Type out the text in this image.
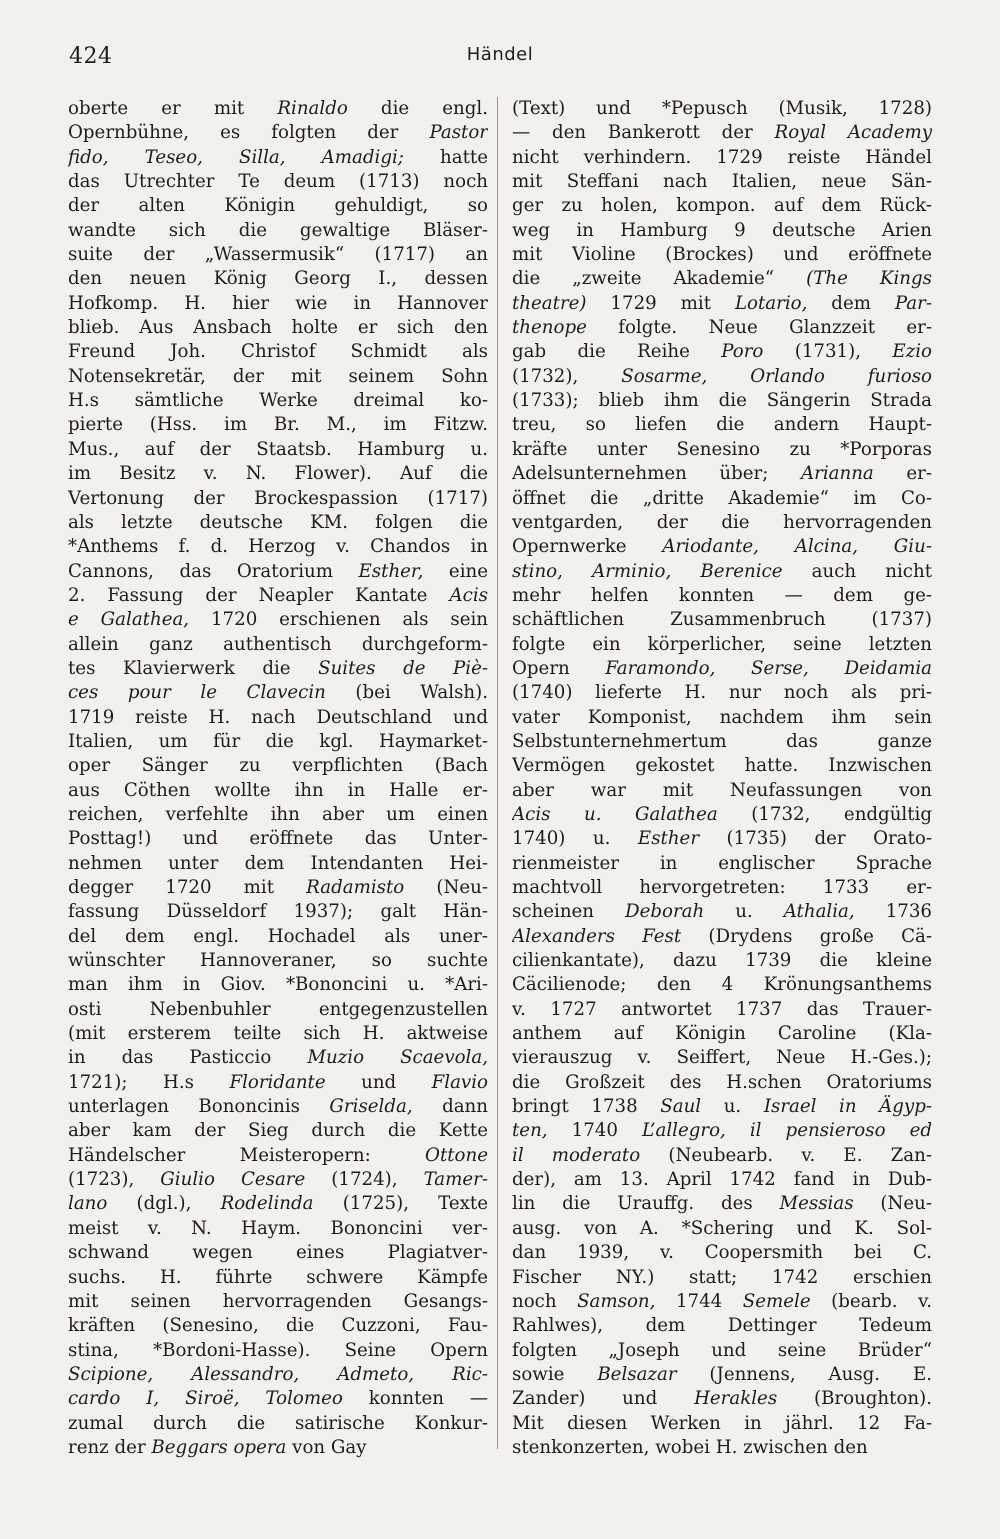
424	Händel
oberte er mit Rinaldo die engl.
Opernbühne, es folgten der Pastor
fido, Teseo, Silla, Amadigi; hatte
das Utrechter Te deum (1713) noch
der alten Königin gehuldigt, so
wandte sich die gewaltige Bläser-
suite der „Wassermusik“ (1717) an
den neuen König Georg I., dessen
Hofkomp. H. hier wie in Hannover
blieb. Aus Ansbach holte er sich den
Freund Joh. Christof Schmidt als
Notensekretär, der mit seinem Sohn
H.s sämtliche Werke dreimal ko-
pierte (Hss. im Br. M., im Fitzw.
Mus., auf der Staatsb. Hamburg u.
im Besitz v. N. Flower). Auf die
Vertonung der Brockespassion (1717)
als letzte deutsche KM. folgen die
*Anthems f. d. Herzog v. Chandos in
Cannons, das Oratorium Esther, eine
2. Fassung der Neapler Kantate Acis
e Galathea, 1720 erschienen als sein
allein ganz authentisch durchgeform-
tes Klavierwerk die Suites de Piè-
ces pour le Clavecin (bei Walsh).
1719 reiste H. nach Deutschland und
Italien, um für die kgl. Haymarket-
oper Sänger zu verpflichten (Bach
aus Cöthen wollte ihn in Halle er-
reichen, verfehlte ihn aber um einen
Posttag!) und eröffnete das Unter-
nehmen unter dem Intendanten Hei-
degger 1720 mit Radamisto (Neu-
fassung Düsseldorf 1937); galt Hän-
del dem engl. Hochadel als uner-
wünschter Hannoveraner, so suchte
man ihm in Giov. *Bononcini u. *Ari-
osti Nebenbuhler entgegenzustellen
(mit ersterem teilte sich H. aktweise
in das Pasticcio Muzio Scaevola,
1721); H.s Floridante und Flavio
unterlagen Bononcinis Griselda, dann
aber kam der Sieg durch die Kette
Händelscher Meisteropern: Ottone
(1723), Giulio Cesare (1724), Tamer-
lano (dgl.), Rodelinda (1725), Texte
meist v. N. Haym. Bononcini ver-
schwand wegen eines Plagiatver-
suchs. H. führte schwere Kämpfe
mit seinen hervorragenden Gesangs-
kräften (Senesino, die Cuzzoni, Fau-
stina, *Bordoni-Hasse). Seine Opern
Scipione, Alessandro, Admeto, Ric-
cardo I, Siroë, Tolomeo konnten —
zumal durch die satirische Konkur-
renz der Beggars opera von Gay
(Text) und *Pepusch (Musik, 1728)
— den Bankerott der Royal Academy
nicht verhindern. 1729 reiste Händel
mit Steffani nach Italien, neue Sän-
ger zu holen, kompon. auf dem Rück-
weg in Hamburg 9 deutsche Arien
mit Violine (Brockes) und eröffnete
die „zweite Akademie“ (The Kings
theatre) 1729 mit Lotario, dem Par-
thenope folgte. Neue Glanzzeit er-
gab die Reihe Poro (1731), Ezio
(1732), Sosarme, Orlando furioso
(1733); blieb ihm die Sängerin Strada
treu, so liefen die andern Haupt-
kräfte unter Senesino zu *Porporas
Adelsunternehmen über; Arianna er-
öffnet die „dritte Akademie“ im Co-
ventgarden, der die hervorragenden
Opernwerke Ariodante, Alcina, Giu-
stino, Arminio, Berenice auch nicht
mehr helfen konnten — dem ge-
schäftlichen Zusammenbruch (1737)
folgte ein körperlicher, seine letzten
Opern Faramondo, Serse, Deidamia
(1740) lieferte H. nur noch als pri-
vater Komponist, nachdem ihm sein
Selbstunternehmertum das ganze
Vermögen gekostet hatte. Inzwischen
aber war mit Neufassungen von
Acis u. Galathea (1732, endgültig
1740) u. Esther (1735) der Orato-
rienmeister in englischer Sprache
machtvoll hervorgetreten: 1733 er-
scheinen Deborah u. Athalia, 1736
Alexanders Fest (Drydens große Cä-
cilienkantate), dazu 1739 die kleine
Cäcilienode; den 4 Krönungsanthems
v. 1727 antwortet 1737 das Trauer-
anthem auf Königin Caroline (Kla-
vierauszug v. Seiffert, Neue H.-Ges.);
die Großzeit des H.schen Oratoriums
bringt 1738 Saul u. Israel in Ägyp-
ten, 1740 L’allegro, il pensieroso ed
il moderato (Neubearb. v. E. Zan-
der), am 13. April 1742 fand in Dub-
lin die Urauffg. des Messias (Neu-
ausg. von A. *Schering und K. Sol-
dan 1939, v. Coopersmith bei C.
Fischer NY.) statt; 1742 erschien
noch Samson, 1744 Semele (bearb. v.
Rahlwes), dem Dettinger Tedeum
folgten „Joseph und seine Brüder“
sowie Belsazar (Jennens, Ausg. E.
Zander) und Herakles (Broughton).
Mit diesen Werken in jährl. 12 Fa-
stenkonzerten, wobei H. zwischen den
